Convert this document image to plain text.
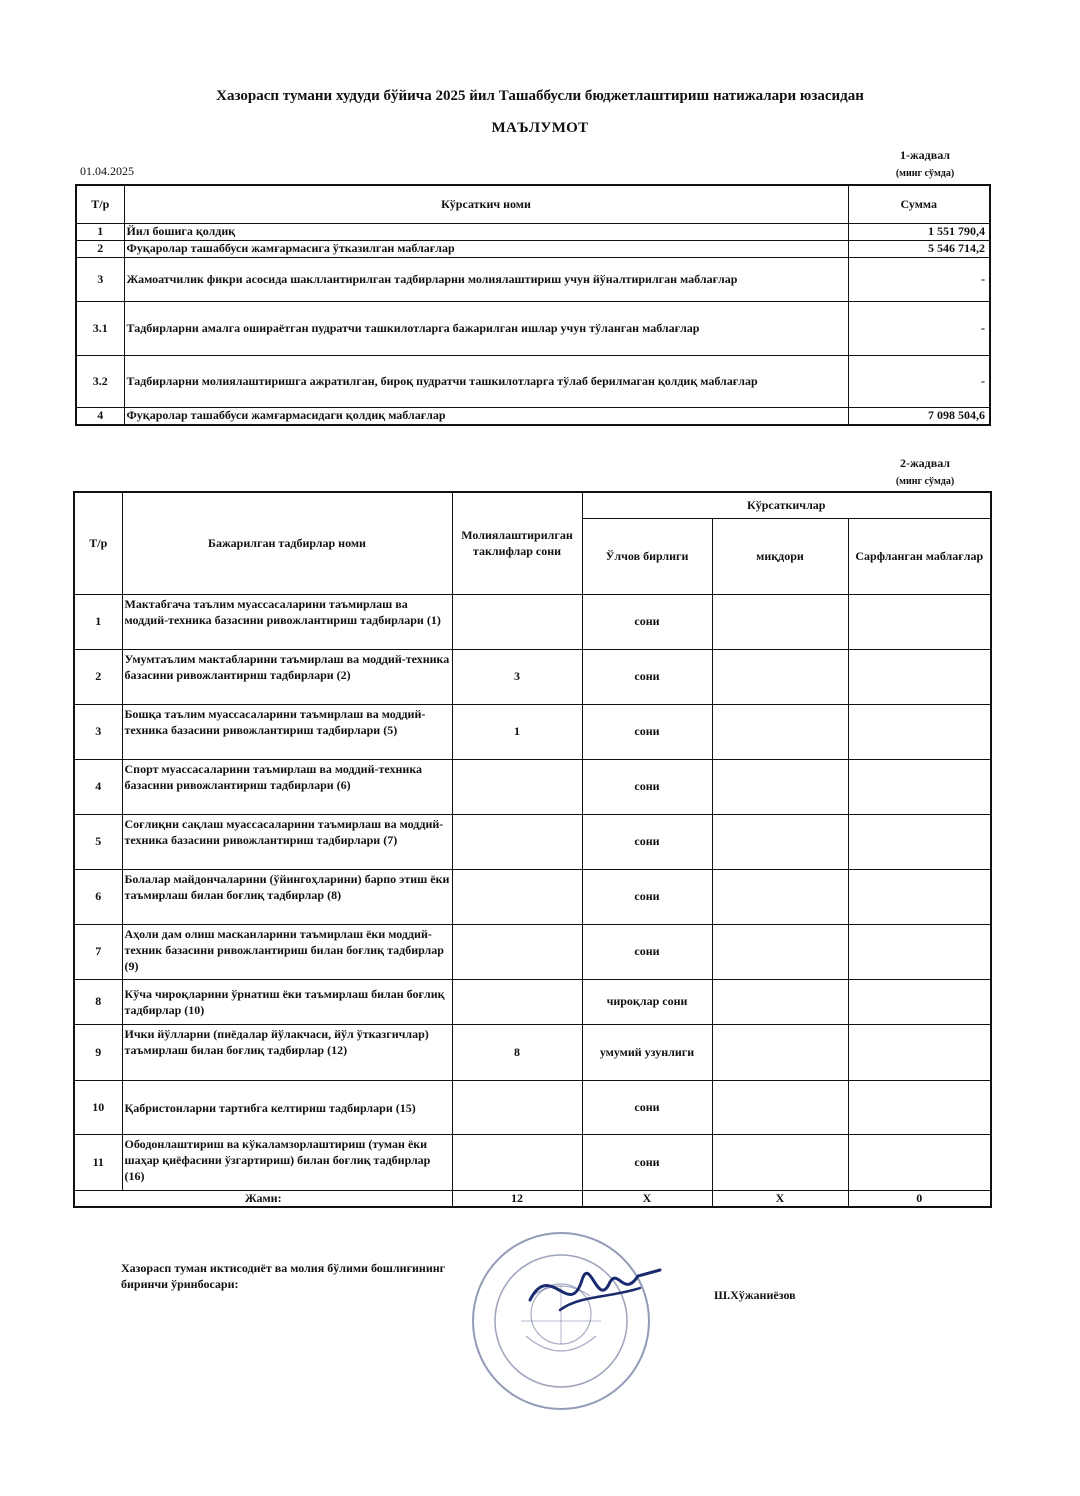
Хазорасп тумани худуди бўйича 2025 йил Ташаббусли бюджетлаштириш натижалари юзасидан
МАЪЛУМОТ
01.04.2025
1-жадвал
(минг сўмда)
Т/р	Кўрсаткич номи	Сумма
1	Йил бошига қолдиқ	1 551 790,4
2	Фуқаролар ташаббуси жамғармасига ўтказилган маблағлар	5 546 714,2
3	Жамоатчилик фикри асосида шакллантирилган тадбирларни молиялаштириш учун йўналтирилган маблағлар	-
3.1	Тадбирларни амалга ошираётган пудратчи ташкилотларга бажарилган ишлар учун тўланган маблағлар	-
3.2	Тадбирларни молиялаштиришга ажратилган, бироқ пудратчи ташкилотларга тўлаб берилмаган қолдиқ маблағлар	-
4	Фуқаролар ташаббуси жамғармасидаги қолдиқ маблағлар	7 098 504,6
2-жадвал
(минг сўмда)
Т/р	Бажарилган тадбирлар номи	Молиялаштирилган таклифлар сони	Кўрсаткичлар		
			Ўлчов бирлиги	миқдори	Сарфланган маблағлар
1	Мактабгача таълим муассасаларини таъмирлаш ва моддий-техника базасини ривожлантириш тадбирлари (1)		сони		
2	Умумтаълим мактабларини таъмирлаш ва моддий-техника базасини ривожлантириш тадбирлари (2)	3	сони		
3	Бошқа таълим муассасаларини таъмирлаш ва моддий-техника базасини ривожлантириш тадбирлари (5)	1	сони		
4	Спорт муассасаларини таъмирлаш ва моддий-техника базасини ривожлантириш тадбирлари (6)		сони		
5	Соғлиқни сақлаш муассасаларини таъмирлаш ва моддий-техника базасини ривожлантириш тадбирлари (7)		сони		
6	Болалар майдончаларини (ўйингоҳларини) барпо этиш ёки таъмирлаш билан боғлиқ тадбирлар (8)		сони		
7	Аҳоли дам олиш масканларини таъмирлаш ёки моддий-техник базасини ривожлантириш билан боғлиқ тадбирлар (9)		сони		
8	Кўча чироқларини ўрнатиш ёки таъмирлаш билан боғлиқ тадбирлар (10)		чироқлар сони		
9	Ички йўлларни (пиёдалар йўлакчаси, йўл ўтказгичлар) таъмирлаш билан боғлиқ тадбирлар (12)	8	умумий узунлиги		
10	Қабристонларни тартибга келтириш тадбирлари (15)		сони		
11	Ободонлаштириш ва кўкаламзорлаштириш (туман ёки шаҳар қиёфасини ўзгартириш) билан боғлиқ тадбирлар (16)		сони		
Жами:		12	Х	Х	0
Хазорасп туман иктисодиёт ва молия бўлими бошлиғининг
биринчи ўринбосари:
Ш.Хўжаниёзов
